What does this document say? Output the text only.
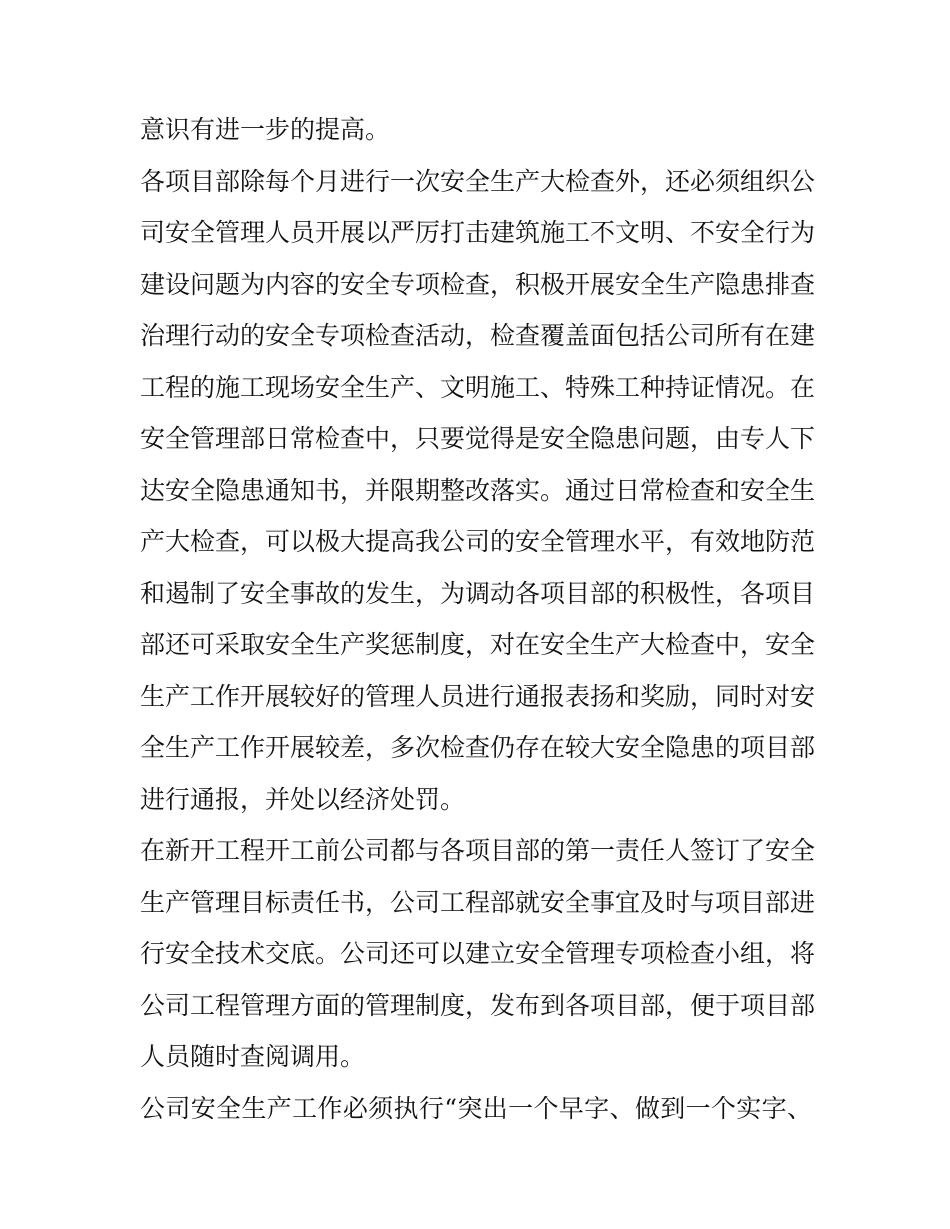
意识有进一步的提高。
各项目部除每个月进行一次安全生产大检查外，还必须组织公
司安全管理人员开展以严厉打击建筑施工不文明、不安全行为
建设问题为内容的安全专项检查，积极开展安全生产隐患排查
治理行动的安全专项检查活动，检查覆盖面包括公司所有在建
工程的施工现场安全生产、文明施工、特殊工种持证情况。在
安全管理部日常检查中，只要觉得是安全隐患问题，由专人下
达安全隐患通知书，并限期整改落实。通过日常检查和安全生
产大检查，可以极大提高我公司的安全管理水平，有效地防范
和遏制了安全事故的发生，为调动各项目部的积极性，各项目
部还可采取安全生产奖惩制度，对在安全生产大检查中，安全
生产工作开展较好的管理人员进行通报表扬和奖励，同时对安
全生产工作开展较差，多次检查仍存在较大安全隐患的项目部
进行通报，并处以经济处罚。
在新开工程开工前公司都与各项目部的第一责任人签订了安全
生产管理目标责任书，公司工程部就安全事宜及时与项目部进
行安全技术交底。公司还可以建立安全管理专项检查小组，将
公司工程管理方面的管理制度，发布到各项目部，便于项目部
人员随时查阅调用。
公司安全生产工作必须执行“突出一个早字、做到一个实字、
